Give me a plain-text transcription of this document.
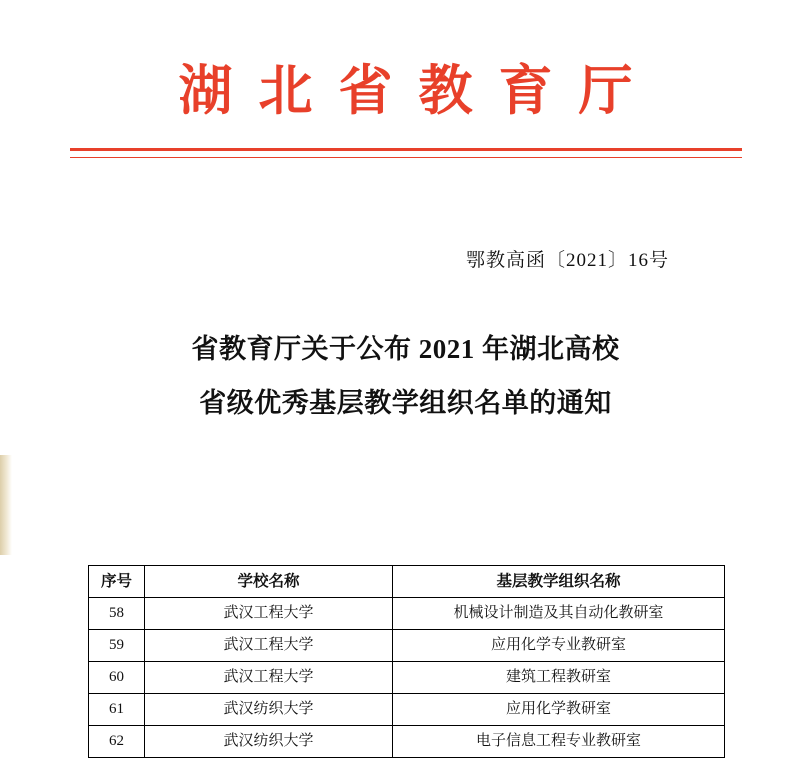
湖北省教育厅
鄂教高函〔2021〕16号
省教育厅关于公布 2021 年湖北高校
省级优秀基层教学组织名单的通知
序号	学校名称	基层教学组织名称
58	武汉工程大学	机械设计制造及其自动化教研室
59	武汉工程大学	应用化学专业教研室
60	武汉工程大学	建筑工程教研室
61	武汉纺织大学	应用化学教研室
62	武汉纺织大学	电子信息工程专业教研室
